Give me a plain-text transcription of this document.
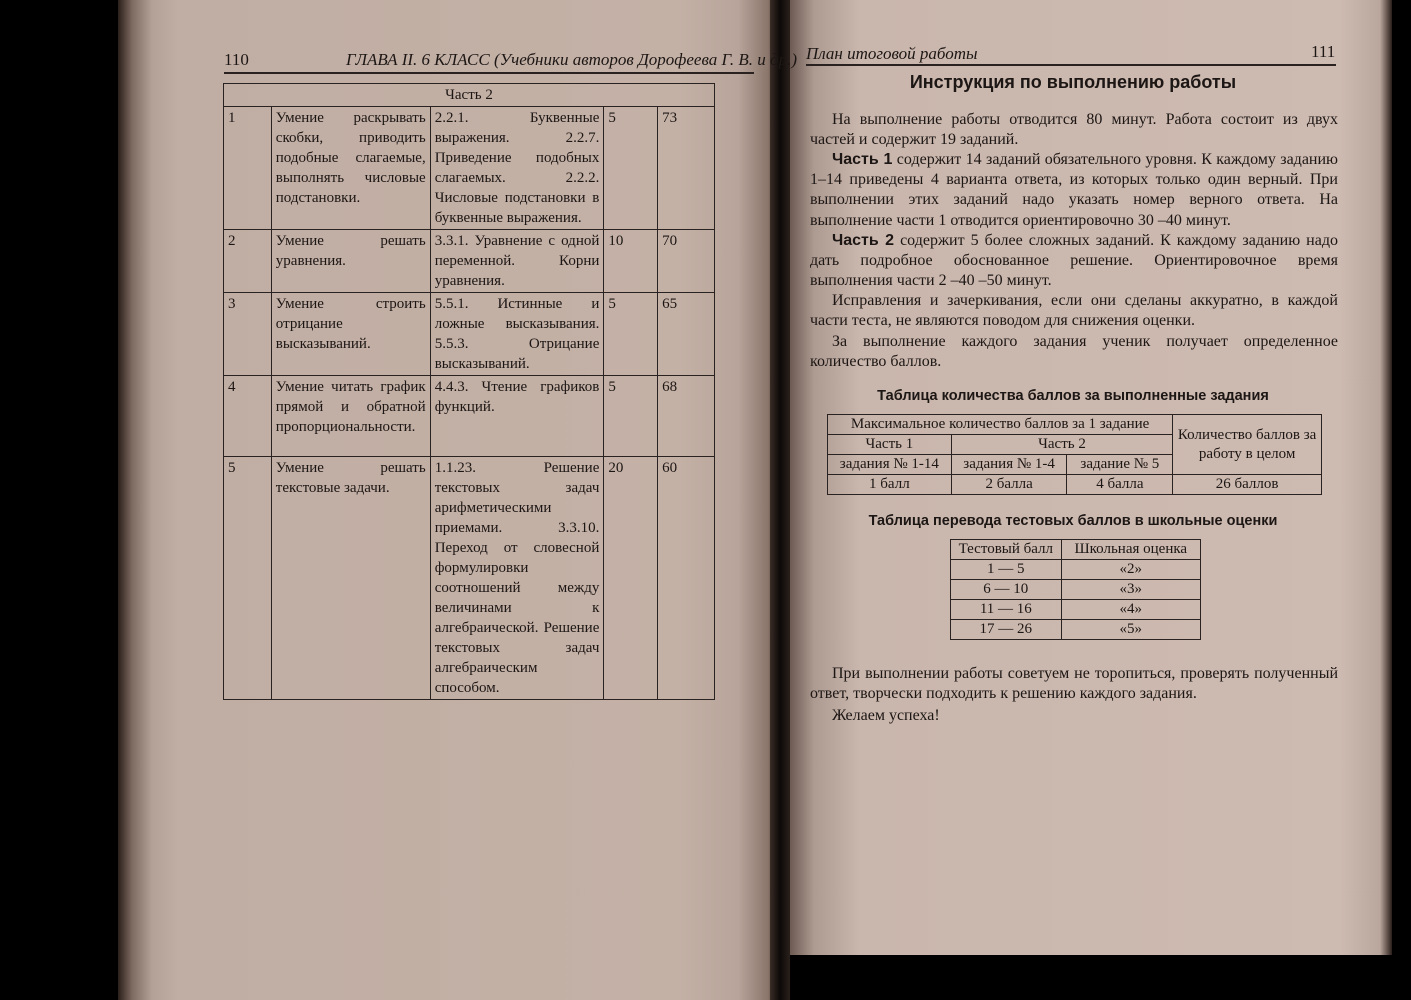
110	ГЛАВА II. 6 КЛАСС (Учебники авторов Дорофеева Г. В. и др.)
Часть 2				
1	Умение раскрывать скобки, приводить подобные слагаемые, выполнять числовые подстановки.	2.2.1. Буквенные выражения. 2.2.7. Приведение подобных слагаемых. 2.2.2. Числовые подстановки в буквенные выражения.	5	73
2	Умение решать уравнения.	3.3.1. Уравнение с одной переменной. Корни уравнения.	10	70
3	Умение строить отрицание высказываний.	5.5.1. Истинные и ложные высказывания. 5.5.3. Отрицание высказываний.	5	65
4	Умение читать график прямой и обратной пропорциональности.	4.4.3. Чтение графиков функций.	5	68
5	Умение решать текстовые задачи.	1.1.23. Решение текстовых задач арифметическими приемами. 3.3.10. Переход от словесной формулировки соотношений между величинами к алгебраической. Решение текстовых задач алгебраическим способом.	20	60
План итоговой работы	111
Инструкция по выполнению работы

На выполнение работы отводится 80 минут. Работа состоит из двух частей и содержит 19 заданий.

Часть 1 содержит 14 заданий обязательного уровня. К каждому заданию 1–14 приведены 4 варианта ответа, из которых только один верный. При выполнении этих заданий надо указать номер верного ответа. На выполнение части 1 отводится ориентировочно 30 –40 минут.

Часть 2 содержит 5 более сложных заданий. К каждому заданию надо дать подробное обоснованное решение. Ориентировочное время выполнения части 2 –40 –50 минут.

Исправления и зачеркивания, если они сделаны аккуратно, в каждой части теста, не являются поводом для снижения оценки.

За выполнение каждого задания ученик получает определенное количество баллов.

Таблица количества баллов за выполненные задания
Максимальное количество баллов за 1 задание			Количество баллов за работу в целом
Часть 1	Часть 2		
задания № 1-14	задания № 1-4	задание № 5	
1 балл	2 балла	4 балла	26 баллов
Таблица перевода тестовых баллов в школьные оценки
Тестовый балл	Школьная оценка
1 — 5	«2»
6 — 10	«3»
11 — 16	«4»
17 — 26	«5»

При выполнении работы советуем не торопиться, проверять полученный ответ, творчески подходить к решению каждого задания.

Желаем успеха!
